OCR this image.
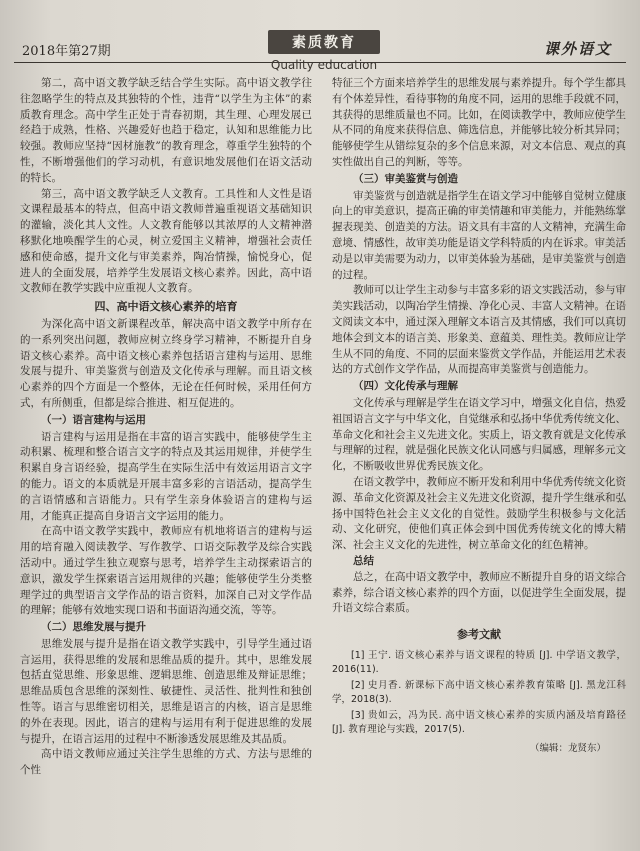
2018年第27期
素质教育
Quality education
课外语文

第二，高中语文教学缺乏结合学生实际。高中语文教学往往忽略学生的特点及其独特的个性，违背“以学生为主体”的素质教育理念。高中学生正处于青春初期，其生理、心理发展已经趋于成熟，性格、兴趣爱好也趋于稳定，认知和思维能力比较强。教师应坚持“因材施教”的教育理念，尊重学生独特的个性，不断增强他们的学习动机，有意识地发展他们在语文活动的特长。

第三，高中语文教学缺乏人文教育。工具性和人文性是语文课程最基本的特点，但高中语文教师普遍重视语文基础知识的灌输，淡化其人文性。人文教育能够以其浓厚的人文精神潜移默化地唤醒学生的心灵，树立爱国主义精神，增强社会责任感和使命感，提升文化与审美素养，陶冶情操，愉悦身心，促进人的全面发展，培养学生发展语文核心素养。因此，高中语文教师在教学实践中应重视人文教育。

四、高中语文核心素养的培育

为深化高中语文新课程改革，解决高中语文教学中所存在的一系列突出问题，教师应树立终身学习精神，不断提升自身语文核心素养。高中语文核心素养包括语言建构与运用、思维发展与提升、审美鉴赏与创造及文化传承与理解。而且语文核心素养的四个方面是一个整体，无论在任何时候，采用任何方式，有所侧重，但都是综合推进、相互促进的。

（一）语言建构与运用

语言建构与运用是指在丰富的语言实践中，能够使学生主动积累、梳理和整合语言文字的特点及其运用规律，并使学生积累自身言语经验，提高学生在实际生活中有效运用语言文字的能力。语文的本质就是开展丰富多彩的言语活动，提高学生的言语情感和言语能力。只有学生亲身体验语言的建构与运用，才能真正提高自身语言文字运用的能力。

在高中语文教学实践中，教师应有机地将语言的建构与运用的培育融入阅读教学、写作教学、口语交际教学及综合实践活动中。通过学生独立观察与思考，培养学生主动探索语言的意识，激发学生探索语言运用规律的兴趣；能够使学生分类整理学过的典型语言文学作品的语言资料，加深自己对文学作品的理解；能够有效地实现口语和书面语沟通交流，等等。

（二）思维发展与提升

思维发展与提升是指在语文教学实践中，引导学生通过语言运用，获得思维的发展和思维品质的提升。其中，思维发展包括直觉思维、形象思维、逻辑思维、创造思维及辩证思维；思维品质包含思维的深刻性、敏捷性、灵活性、批判性和独创性等。语言与思维密切相关，思维是语言的内核，语言是思维的外在表现。因此，语言的建构与运用有利于促进思维的发展与提升，在语言运用的过程中不断渗透发展思维及其品质。

高中语文教师应通过关注学生思维的方式、方法与思维的个性

特征三个方面来培养学生的思维发展与素养提升。每个学生都具有个体差异性，看待事物的角度不同，运用的思维手段就不同，其获得的思维质量也不同。比如，在阅读教学中，教师应使学生从不同的角度来获得信息、筛选信息，并能够比较分析其异同；能够使学生从错综复杂的多个信息来源，对文本信息、观点的真实性做出自己的判断，等等。

（三）审美鉴赏与创造

审美鉴赏与创造就是指学生在语文学习中能够自觉树立健康向上的审美意识，提高正确的审美情趣和审美能力，并能熟练掌握表现美、创造美的方法。语文具有丰富的人文精神，充满生命意境、情感性，故审美功能是语文学科特质的内在诉求。审美活动是以审美需要为动力，以审美体验为基础，是审美鉴赏与创造的过程。

教师可以让学生主动参与丰富多彩的语文实践活动，参与审美实践活动，以陶冶学生情操、净化心灵、丰富人文精神。在语文阅读文本中，通过深入理解文本语言及其情感，我们可以真切地体会到文本的语言美、形象美、意蕴美、理性美。教师应让学生从不同的角度、不同的层面来鉴赏文学作品，并能运用艺术表达的方式创作文学作品，从而提高审美鉴赏与创造能力。

（四）文化传承与理解

文化传承与理解是学生在语文学习中，增强文化自信，热爱祖国语言文字与中华文化，自觉继承和弘扬中华优秀传统文化、革命文化和社会主义先进文化。实质上，语文教育就是文化传承与理解的过程，就是强化民族文化认同感与归属感，理解多元文化，不断吸收世界优秀民族文化。

在语文教学中，教师应不断开发和利用中华优秀传统文化资源、革命文化资源及社会主义先进文化资源，提升学生继承和弘扬中国特色社会主义文化的自觉性。鼓励学生积极参与文化活动、文化研究，使他们真正体会到中国优秀传统文化的博大精深、社会主义文化的先进性，树立革命文化的红色精神。

总结

总之，在高中语文教学中，教师应不断提升自身的语文综合素养，综合语文核心素养的四个方面，以促进学生全面发展，提升语文综合素质。

参考文献
[1] 王宁. 语文核心素养与语文课程的特质 [J]. 中学语文教学，2016(11).
[2] 史月香. 新课标下高中语文核心素养教育策略 [J]. 黑龙江科学，2018(3).
[3] 贵如云，冯为民. 高中语文核心素养的实质内涵及培育路径 [J]. 教育理论与实践，2017(5).
（编辑：龙贤东）
